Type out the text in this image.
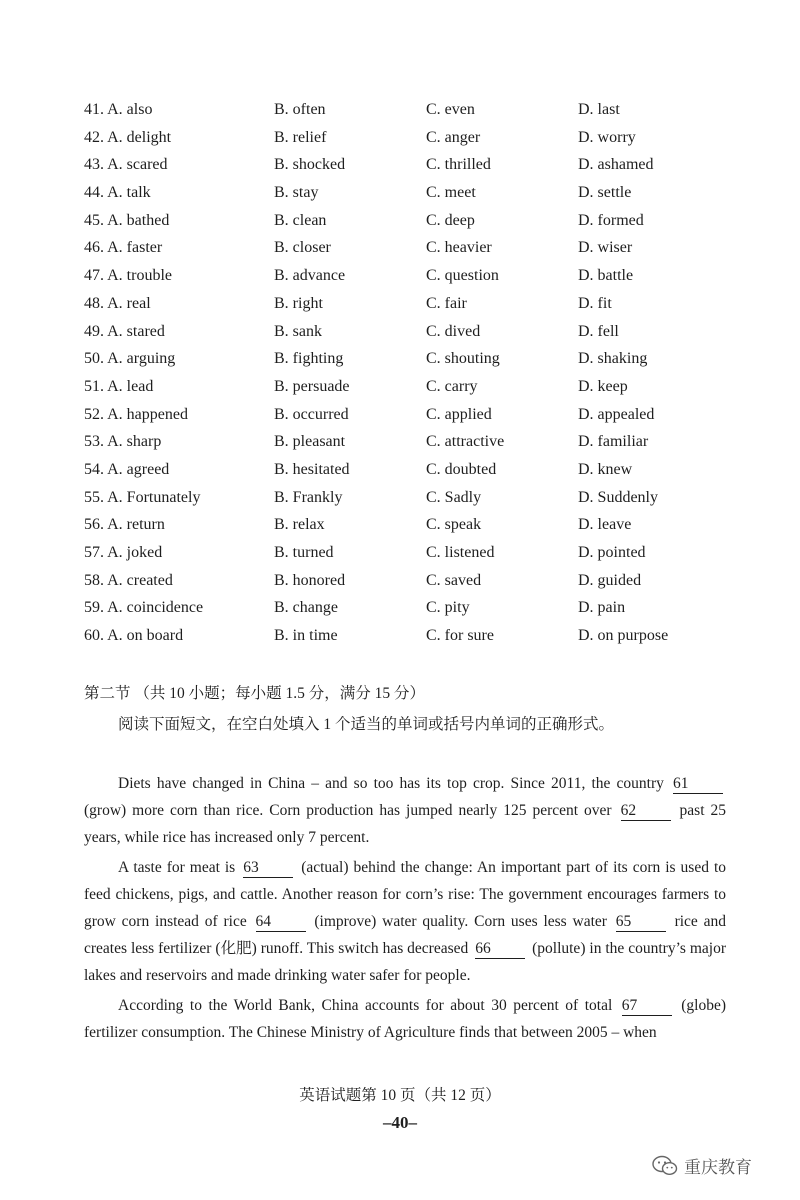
41. A. also	B. often	C. even	D. last
42. A. delight	B. relief	C. anger	D. worry
43. A. scared	B. shocked	C. thrilled	D. ashamed
44. A. talk	B. stay	C. meet	D. settle
45. A. bathed	B. clean	C. deep	D. formed
46. A. faster	B. closer	C. heavier	D. wiser
47. A. trouble	B. advance	C. question	D. battle
48. A. real	B. right	C. fair	D. fit
49. A. stared	B. sank	C. dived	D. fell
50. A. arguing	B. fighting	C. shouting	D. shaking
51. A. lead	B. persuade	C. carry	D. keep
52. A. happened	B. occurred	C. applied	D. appealed
53. A. sharp	B. pleasant	C. attractive	D. familiar
54. A. agreed	B. hesitated	C. doubted	D. knew
55. A. Fortunately	B. Frankly	C. Sadly	D. Suddenly
56. A. return	B. relax	C. speak	D. leave
57. A. joked	B. turned	C. listened	D. pointed
58. A. created	B. honored	C. saved	D. guided
59. A. coincidence	B. change	C. pity	D. pain
60. A. on board	B. in time	C. for sure	D. on purpose
第二节 （共 10 小题；每小题 1.5 分，满分 15 分）
阅读下面短文，在空白处填入 1 个适当的单词或括号内单词的正确形式。

Diets have changed in China – and so too has its top crop. Since 2011, the country 61 (grow) more corn than rice. Corn production has jumped nearly 125 percent over 62 past 25 years, while rice has increased only 7 percent.

A taste for meat is 63 (actual) behind the change: An important part of its corn is used to feed chickens, pigs, and cattle. Another reason for corn’s rise: The government encourages farmers to grow corn instead of rice 64 (improve) water quality. Corn uses less water 65 rice and creates less fertilizer (化肥) runoff. This switch has decreased 66 (pollute) in the country’s major lakes and reservoirs and made drinking water safer for people.

According to the World Bank, China accounts for about 30 percent of total 67 (globe) fertilizer consumption. The Chinese Ministry of Agriculture finds that between 2005 – when

英语试题第 10 页（共 12 页）
–40–
重庆教育
